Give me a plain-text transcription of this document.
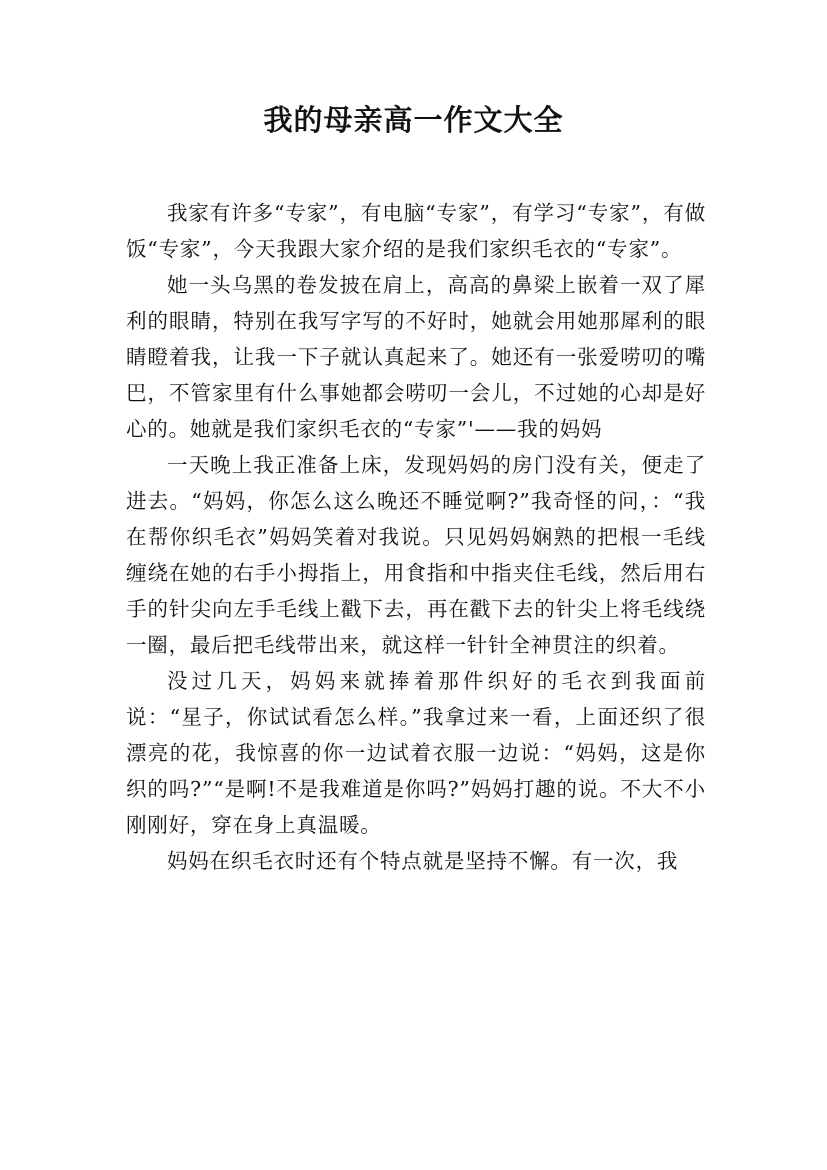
我的母亲高一作文大全

我家有许多“专家”，有电脑“专家”，有学习“专家”，有做饭“专家”，今天我跟大家介绍的是我们家织毛衣的“专家”。

她一头乌黑的卷发披在肩上，高高的鼻梁上嵌着一双了犀利的眼睛，特别在我写字写的不好时，她就会用她那犀利的眼睛瞪着我，让我一下子就认真起来了。她还有一张爱唠叨的嘴巴，不管家里有什么事她都会唠叨一会儿，不过她的心却是好心的。她就是我们家织毛衣的“专家”'——我的妈妈

一天晚上我正准备上床，发现妈妈的房门没有关，便走了进去。“妈妈，你怎么这么晚还不睡觉啊?”我奇怪的问，：“我在帮你织毛衣”妈妈笑着对我说。只见妈妈娴熟的把根一毛线缠绕在她的右手小拇指上，用食指和中指夹住毛线，然后用右手的针尖向左手毛线上戳下去，再在戳下去的针尖上将毛线绕一圈，最后把毛线带出来，就这样一针针全神贯注的织着。

没过几天，妈妈来就捧着那件织好的毛衣到我面前说：“星子，你试试看怎么样。”我拿过来一看，上面还织了很漂亮的花，我惊喜的你一边试着衣服一边说：“妈妈，这是你织的吗?”“是啊!不是我难道是你吗?”妈妈打趣的说。不大不小刚刚好，穿在身上真温暖。

妈妈在织毛衣时还有个特点就是坚持不懈。有一次，我
